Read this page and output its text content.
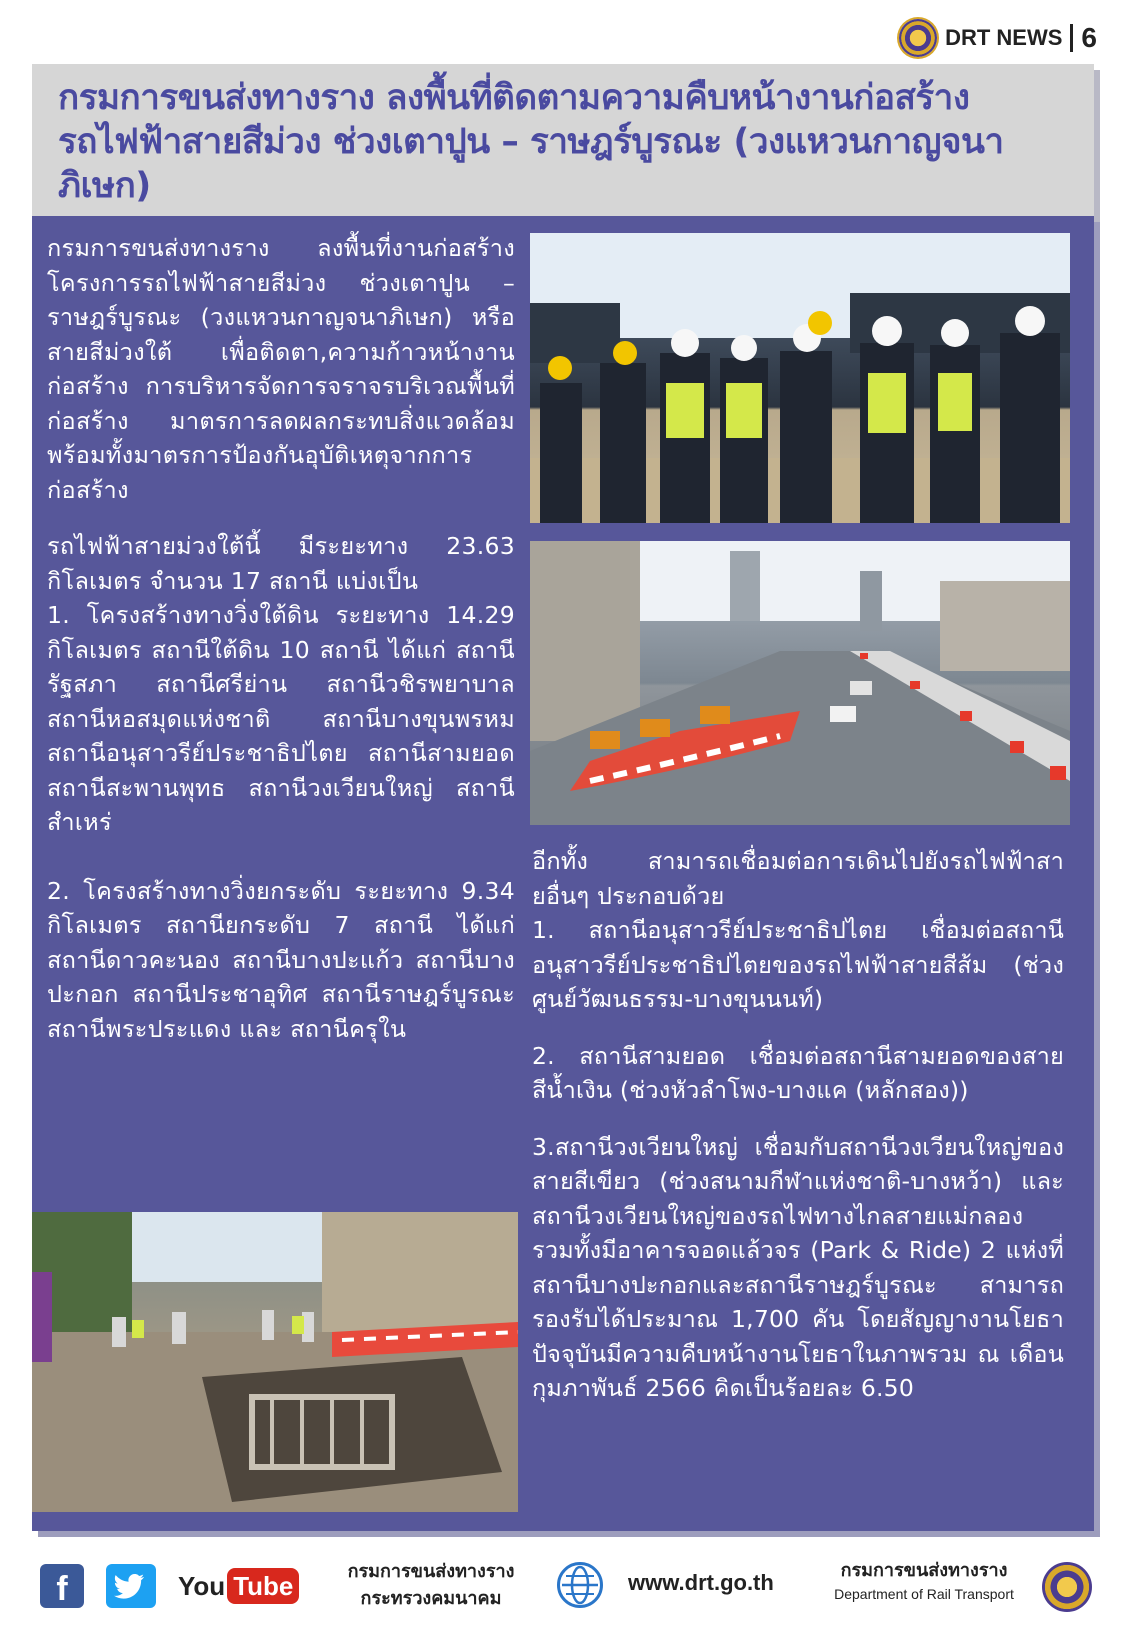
DRT NEWS 6
กรมการขนส่งทางราง ลงพื้นที่ติดตามความคืบหน้างานก่อสร้างรถไฟฟ้าสายสีม่วง ช่วงเตาปูน – ราษฎร์บูรณะ (วงแหวนกาญจนาภิเษก)

กรมการขนส่งทางราง ลงพื้นที่งานก่อสร้างโครงการรถไฟฟ้าสายสีม่วง ช่วงเตาปูน – ราษฎร์บูรณะ (วงแหวนกาญจนาภิเษก) หรือ สายสีม่วงใต้ เพื่อติดตา,ความก้าวหน้างานก่อสร้าง การบริหารจัดการจราจรบริเวณพื้นที่ก่อสร้าง มาตรการลดผลกระทบสิ่งแวดล้อม พร้อมทั้งมาตรการป้องกันอุบัติเหตุจากการก่อสร้าง

รถไฟฟ้าสายม่วงใต้นี้ มีระยะทาง 23.63 กิโลเมตร จำนวน 17 สถานี แบ่งเป็น

1. โครงสร้างทางวิ่งใต้ดิน ระยะทาง 14.29 กิโลเมตร สถานีใต้ดิน 10 สถานี ได้แก่ สถานีรัฐสภา สถานีศรีย่าน สถานีวชิรพยาบาล สถานีหอสมุดแห่งชาติ สถานีบางขุนพรหม สถานีอนุสาวรีย์ประชาธิปไตย สถานีสามยอด สถานีสะพานพุทธ สถานีวงเวียนใหญ่ สถานีสำเหร่

2. โครงสร้างทางวิ่งยกระดับ ระยะทาง 9.34 กิโลเมตร สถานียกระดับ 7 สถานี ได้แก่ สถานีดาวคะนอง สถานีบางปะแก้ว สถานีบางปะกอก สถานีประชาอุทิศ สถานีราษฎร์บูรณะ สถานีพระประแดง และ สถานีครุใน

อีกทั้ง สามารถเชื่อมต่อการเดินไปยังรถไฟฟ้าสายอื่นๆ ประกอบด้วย

1. สถานีอนุสาวรีย์ประชาธิปไตย เชื่อมต่อสถานีอนุสาวรีย์ประชาธิปไตยของรถไฟฟ้าสายสีส้ม (ช่วงศูนย์วัฒนธรรม-บางขุนนนท์)

2. สถานีสามยอด เชื่อมต่อสถานีสามยอดของสายสีน้ำเงิน (ช่วงหัวลำโพง-บางแค (หลักสอง))

3.สถานีวงเวียนใหญ่ เชื่อมกับสถานีวงเวียนใหญ่ของสายสีเขียว (ช่วงสนามกีฬาแห่งชาติ-บางหว้า) และสถานีวงเวียนใหญ่ของรถไฟทางไกลสายแม่กลอง รวมทั้งมีอาคารจอดแล้วจร (Park & Ride) 2 แห่งที่สถานีบางปะกอกและสถานีราษฎร์บูรณะ สามารถรองรับได้ประมาณ 1,700 คัน โดยสัญญางานโยธา ปัจจุบันมีความคืบหน้างานโยธาในภาพรวม ณ เดือนกุมภาพันธ์ 2566 คิดเป็นร้อยละ 6.50

f	You Tube	กรมการขนส่งทางราง
กระทรวงคมนาคม
www.drt.go.th	กรมการขนส่งทางราง
Department of Rail Transport
